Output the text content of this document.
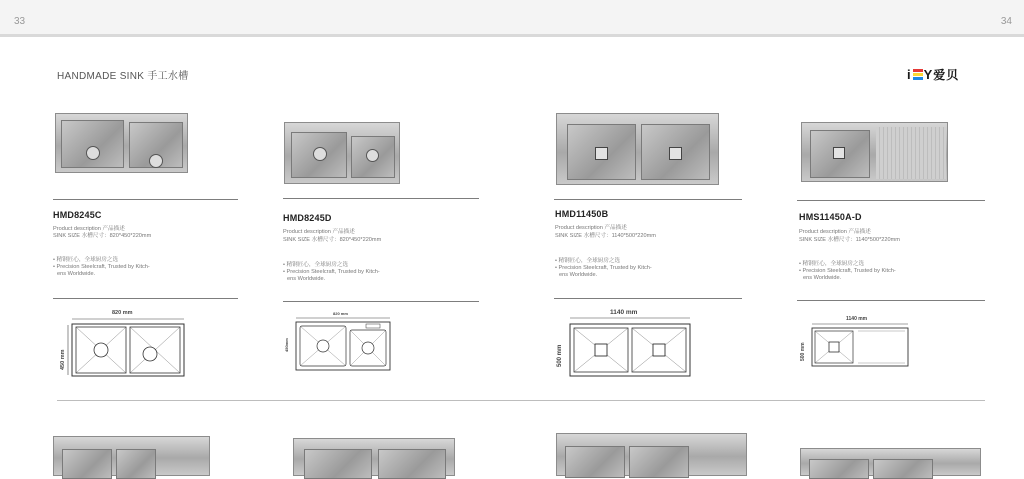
33	34
HANDMADE SINK 手工水槽	i Y爱贝
HMD8245C
Product description 产品描述
SINK SIZE 水槽尺寸：820*450*220mm
• 精钢匠心，全球厨房之选
• Precision Steelcraft, Trusted by Kitch-
ens Worldwide.
820 mm
450 mm
HMD8245D
Product description 产品描述
SINK SIZE 水槽尺寸：820*450*220mm
• 精钢匠心，全球厨房之选
• Precision Steelcraft, Trusted by Kitch-
ens Worldwide.
820 mm
450mm
HMD11450B
Product description 产品描述
SINK SIZE 水槽尺寸：1140*500*220mm
• 精钢匠心，全球厨房之选
• Precision Steelcraft, Trusted by Kitch-
ens Worldwide.
1140 mm
500 mm
HMS11450A-D
Product description 产品描述
SINK SIZE 水槽尺寸：1140*500*220mm
• 精钢匠心，全球厨房之选
• Precision Steelcraft, Trusted by Kitch-
ens Worldwide.
1140 mm
500 mm
